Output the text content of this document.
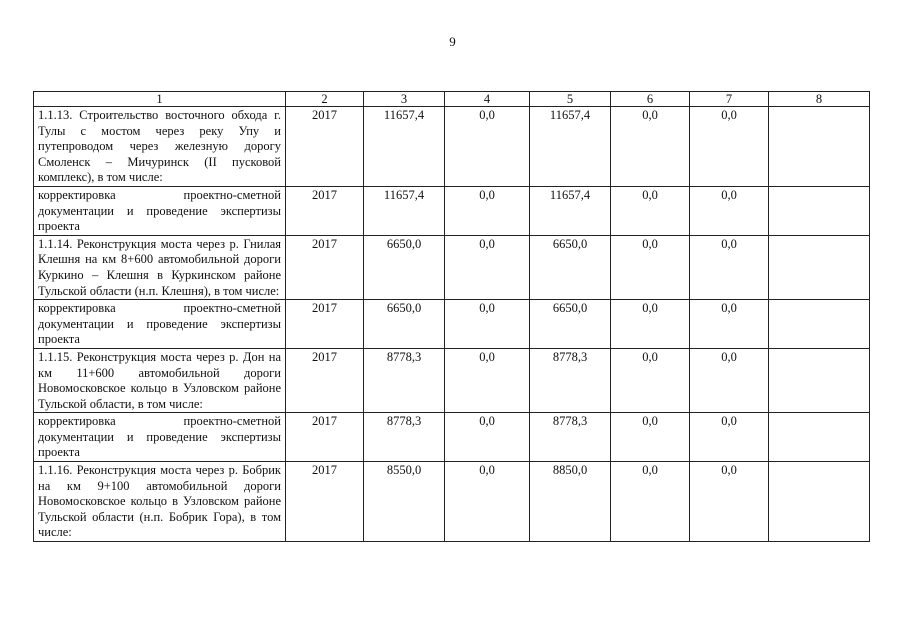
9
1	2	3	4	5	6	7	8
1.1.13. Строительство восточного обхода г. Тулы с мостом через реку Упу и путепроводом через железную дорогу Смоленск – Мичуринск (II пусковой комплекс), в том числе:	2017	11657,4	0,0	11657,4	0,0	0,0	
корректировка проектно-сметной документации и проведение экспертизы проекта	2017	11657,4	0,0	11657,4	0,0	0,0	
1.1.14. Реконструкция моста через р. Гнилая Клешня на км 8+600 автомобильной дороги Куркино – Клешня в Куркинском районе Тульской области (н.п. Клешня), в том числе:	2017	6650,0	0,0	6650,0	0,0	0,0	
корректировка проектно-сметной документации и проведение экспертизы проекта	2017	6650,0	0,0	6650,0	0,0	0,0	
1.1.15. Реконструкция моста через р. Дон на км 11+600 автомобильной дороги Новомосковское кольцо в Узловском районе Тульской области, в том числе:	2017	8778,3	0,0	8778,3	0,0	0,0	
корректировка проектно-сметной документации и проведение экспертизы проекта	2017	8778,3	0,0	8778,3	0,0	0,0	
1.1.16. Реконструкция моста через р. Бобрик на км 9+100 автомобильной дороги Новомосковское кольцо в Узловском районе Тульской области (н.п. Бобрик Гора), в том числе:	2017	8550,0	0,0	8850,0	0,0	0,0	
